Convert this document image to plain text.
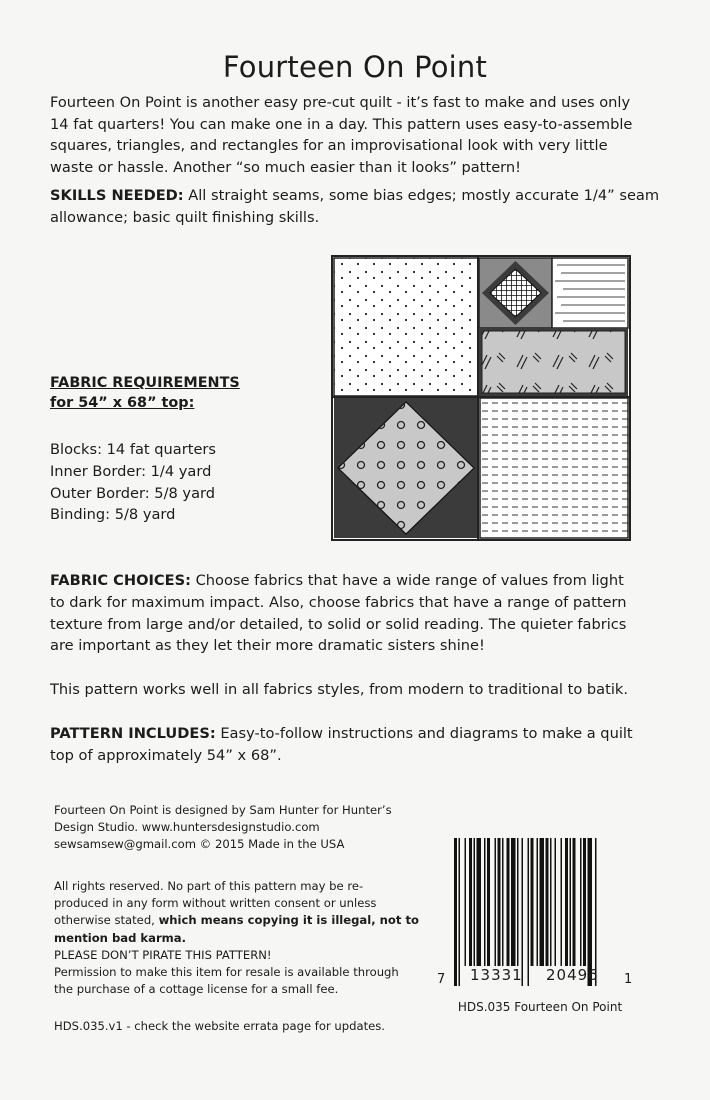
Fourteen On Point
Fourteen On Point is another easy pre-cut quilt - it’s fast to make and uses only
14 fat quarters! You can make one in a day. This pattern uses easy-to-assemble
squares, triangles, and rectangles for an improvisational look with very little
waste or hassle. Another “so much easier than it looks” pattern!
SKILLS NEEDED: All straight seams, some bias edges; mostly accurate 1/4” seam
allowance; basic quilt finishing skills.
FABRIC REQUIREMENTS
for 54” x 68” top:
Blocks: 14 fat quarters
Inner Border: 1/4 yard
Outer Border: 5/8 yard
Binding: 5/8 yard
FABRIC CHOICES: Choose fabrics that have a wide range of values from light
to dark for maximum impact. Also, choose fabrics that have a range of pattern
texture from large and/or detailed, to solid or solid reading. The quieter fabrics
are important as they let their more dramatic sisters shine!
This pattern works well in all fabrics styles, from modern to traditional to batik.
PATTERN INCLUDES: Easy-to-follow instructions and diagrams to make a quilt
top of approximately 54” x 68”.
Fourteen On Point is designed by Sam Hunter for Hunter’s
Design Studio. www.huntersdesignstudio.com
sewsamsew@gmail.com © 2015 Made in the USA
All rights reserved. No part of this pattern may be re-
produced in any form without written consent or unless
otherwise stated, which means copying it is illegal, not to
mention bad karma.
PLEASE DON’T PIRATE THIS PATTERN!
Permission to make this item for resale is available through
the purchase of a cottage license for a small fee.
HDS.035.v1 - check the website errata page for updates.
7 13331 20496 1
HDS.035 Fourteen On Point
